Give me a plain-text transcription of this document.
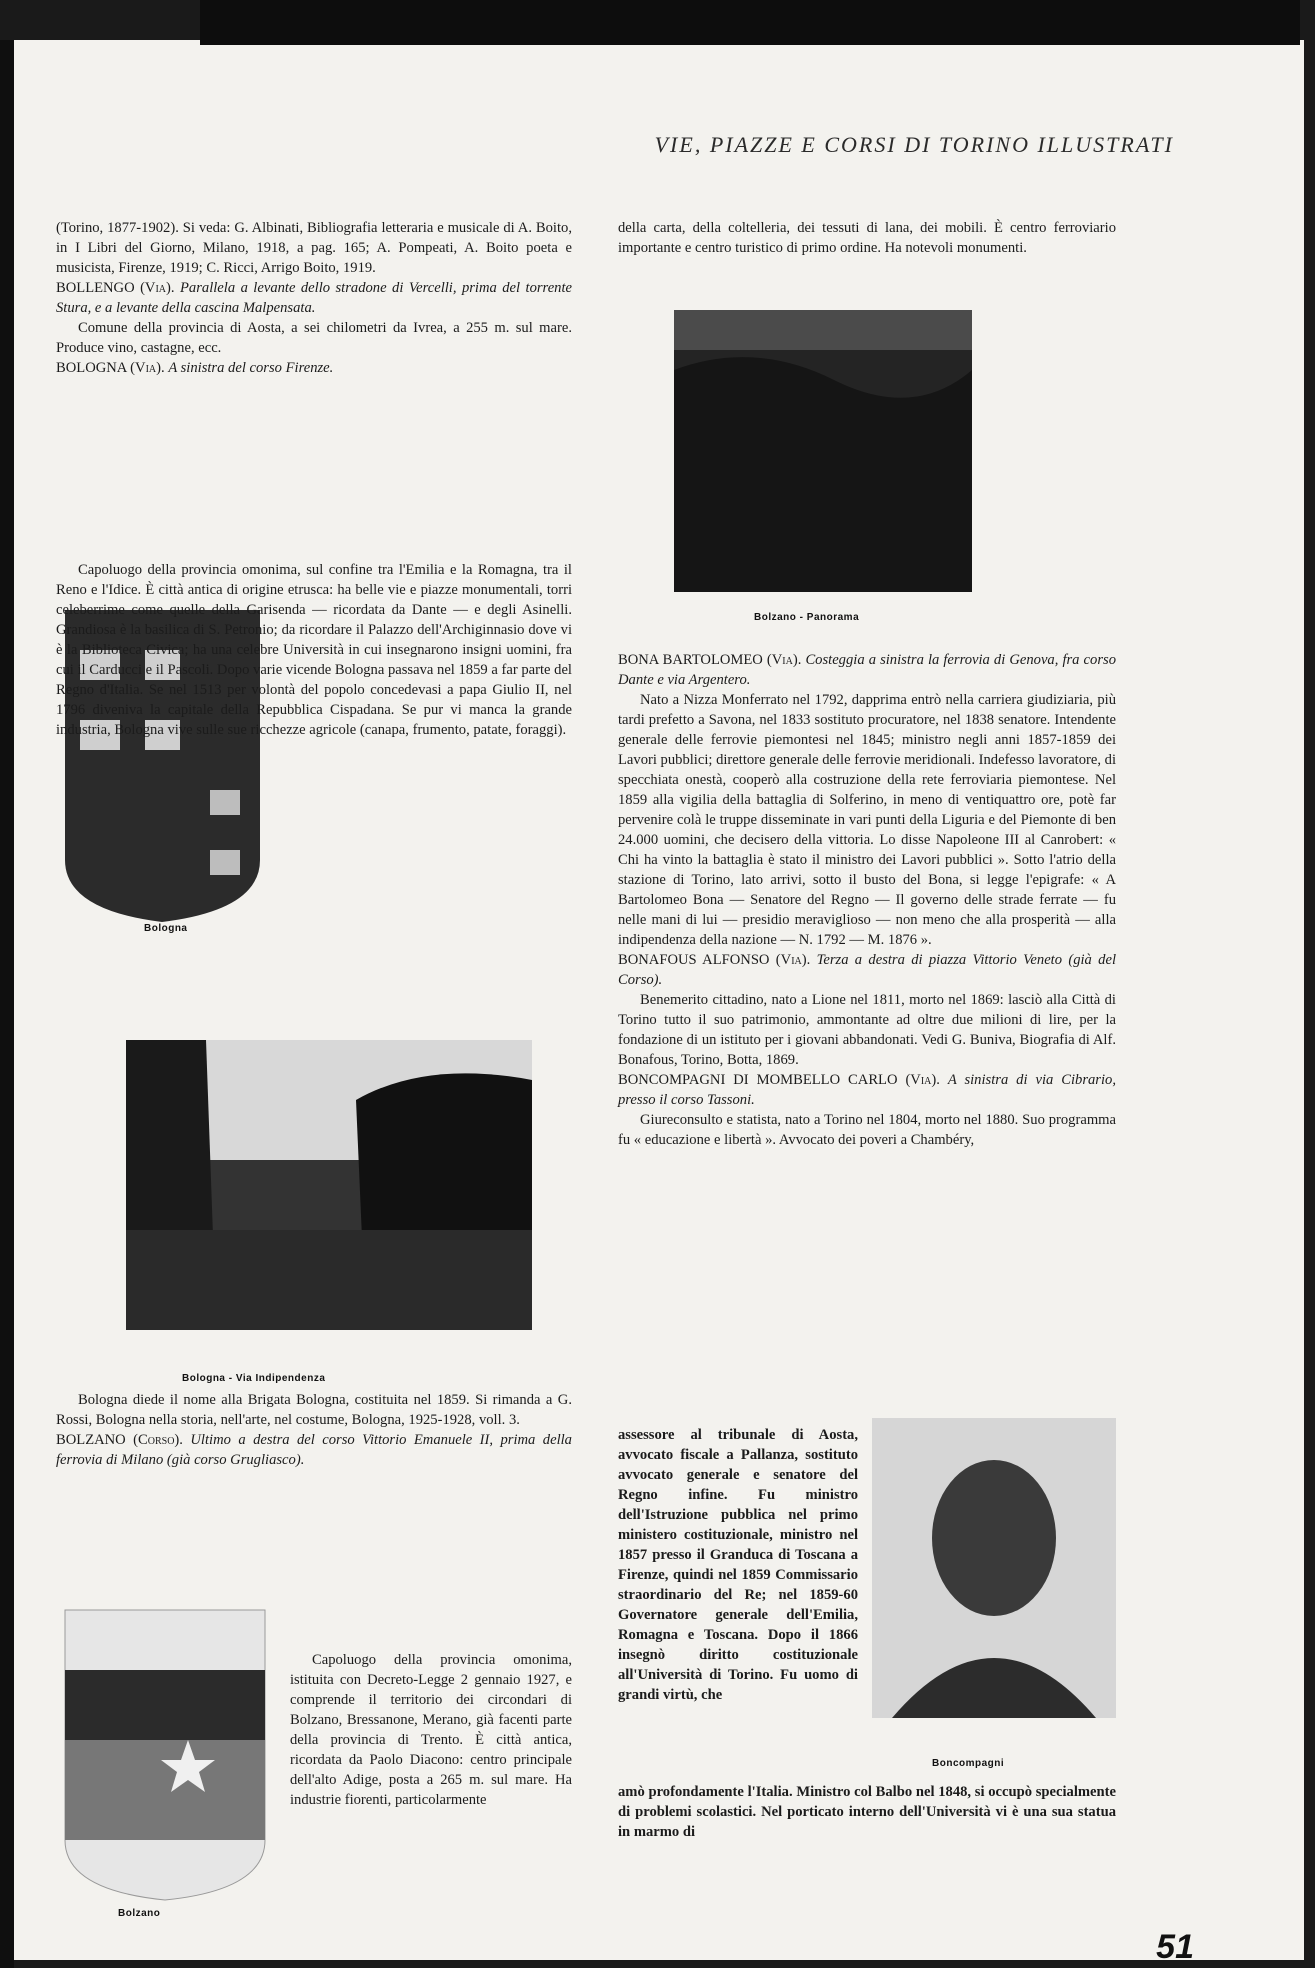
VIE, PIAZZE E CORSI DI TORINO ILLUSTRATI

(Torino, 1877-1902). Si veda: G. Albinati, Bibliografia letteraria e musicale di A. Boito, in I Libri del Giorno, Milano, 1918, a pag. 165; A. Pompeati, A. Boito poeta e musicista, Firenze, 1919; C. Ricci, Arrigo Boito, 1919.

BOLLENGO (Via). Parallela a levante dello stradone di Vercelli, prima del torrente Stura, e a levante della cascina Malpensata.

Comune della provincia di Aosta, a sei chilometri da Ivrea, a 255 m. sul mare. Produce vino, castagne, ecc.

BOLOGNA (Via). A sinistra del corso Firenze.

Bologna

Capoluogo della provincia omonima, sul confine tra l'Emilia e la Romagna, tra il Reno e l'Idice. È città antica di origine etrusca: ha belle vie e piazze monumentali, torri celeberrime come quelle della Garisenda — ricordata da Dante — e degli Asinelli. Grandiosa è la basilica di S. Petronio; da ricordare il Palazzo dell'Archiginnasio dove vi è la Biblioteca Civica; ha una celebre Università in cui insegnarono insigni uomini, fra cui il Carducci e il Pascoli. Dopo varie vicende Bologna passava nel 1859 a far parte del Regno d'Italia. Se nel 1513 per volontà del popolo concedevasi a papa Giulio II, nel 1796 diveniva la capitale della Repubblica Cispadana. Se pur vi manca la grande industria, Bologna vive sulle sue ricchezze agricole (canapa, frumento, patate, foraggi).

Bologna - Via Indipendenza

Bologna diede il nome alla Brigata Bologna, costituita nel 1859. Si rimanda a G. Rossi, Bologna nella storia, nell'arte, nel costume, Bologna, 1925-1928, voll. 3.

BOLZANO (Corso). Ultimo a destra del corso Vittorio Emanuele II, prima della ferrovia di Milano (già corso Grugliasco).

Bolzano

Capoluogo della provincia omonima, istituita con Decreto-Legge 2 gennaio 1927, e comprende il territorio dei circondari di Bolzano, Bressanone, Merano, già facenti parte della provincia di Trento. È città antica, ricordata da Paolo Diacono: centro principale dell'alto Adige, posta a 265 m. sul mare. Ha industrie fiorenti, particolarmente

della carta, della coltelleria, dei tessuti di lana, dei mobili. È centro ferroviario importante e centro turistico di primo ordine. Ha notevoli monumenti.

Bolzano - Panorama

BONA BARTOLOMEO (Via). Costeggia a sinistra la ferrovia di Genova, fra corso Dante e via Argentero.

Nato a Nizza Monferrato nel 1792, dapprima entrò nella carriera giudiziaria, più tardi prefetto a Savona, nel 1833 sostituto procuratore, nel 1838 senatore. Intendente generale delle ferrovie piemontesi nel 1845; ministro negli anni 1857-1859 dei Lavori pubblici; direttore generale delle ferrovie meridionali. Indefesso lavoratore, di specchiata onestà, cooperò alla costruzione della rete ferroviaria piemontese. Nel 1859 alla vigilia della battaglia di Solferino, in meno di ventiquattro ore, potè far pervenire colà le truppe disseminate in vari punti della Liguria e del Piemonte di ben 24.000 uomini, che decisero della vittoria. Lo disse Napoleone III al Canrobert: « Chi ha vinto la battaglia è stato il ministro dei Lavori pubblici ». Sotto l'atrio della stazione di Torino, lato arrivi, sotto il busto del Bona, si legge l'epigrafe: « A Bartolomeo Bona — Senatore del Regno — Il governo delle strade ferrate — fu nelle mani di lui — presidio meraviglioso — non meno che alla prosperità — alla indipendenza della nazione — N. 1792 — M. 1876 ».

BONAFOUS ALFONSO (Via). Terza a destra di piazza Vittorio Veneto (già del Corso).

Benemerito cittadino, nato a Lione nel 1811, morto nel 1869: lasciò alla Città di Torino tutto il suo patrimonio, ammontante ad oltre due milioni di lire, per la fondazione di un istituto per i giovani abbandonati. Vedi G. Buniva, Biografia di Alf. Bonafous, Torino, Botta, 1869.

BONCOMPAGNI DI MOMBELLO CARLO (Via). A sinistra di via Cibrario, presso il corso Tassoni.

Giureconsulto e statista, nato a Torino nel 1804, morto nel 1880. Suo programma fu « educazione e libertà ». Avvocato dei poveri a Chambéry,

assessore al tribunale di Aosta, avvocato fiscale a Pallanza, sostituto avvocato generale e senatore del Regno infine. Fu ministro dell'Istruzione pubblica nel primo ministero costituzionale, ministro nel 1857 presso il Granduca di Toscana a Firenze, quindi nel 1859 Commissario straordinario del Re; nel 1859-60 Governatore generale dell'Emilia, Romagna e Toscana. Dopo il 1866 insegnò diritto costituzionale all'Università di Torino. Fu uomo di grandi virtù, che

Boncompagni

amò profondamente l'Italia. Ministro col Balbo nel 1848, si occupò specialmente di problemi scolastici. Nel porticato interno dell'Università vi è una sua statua in marmo di

51
